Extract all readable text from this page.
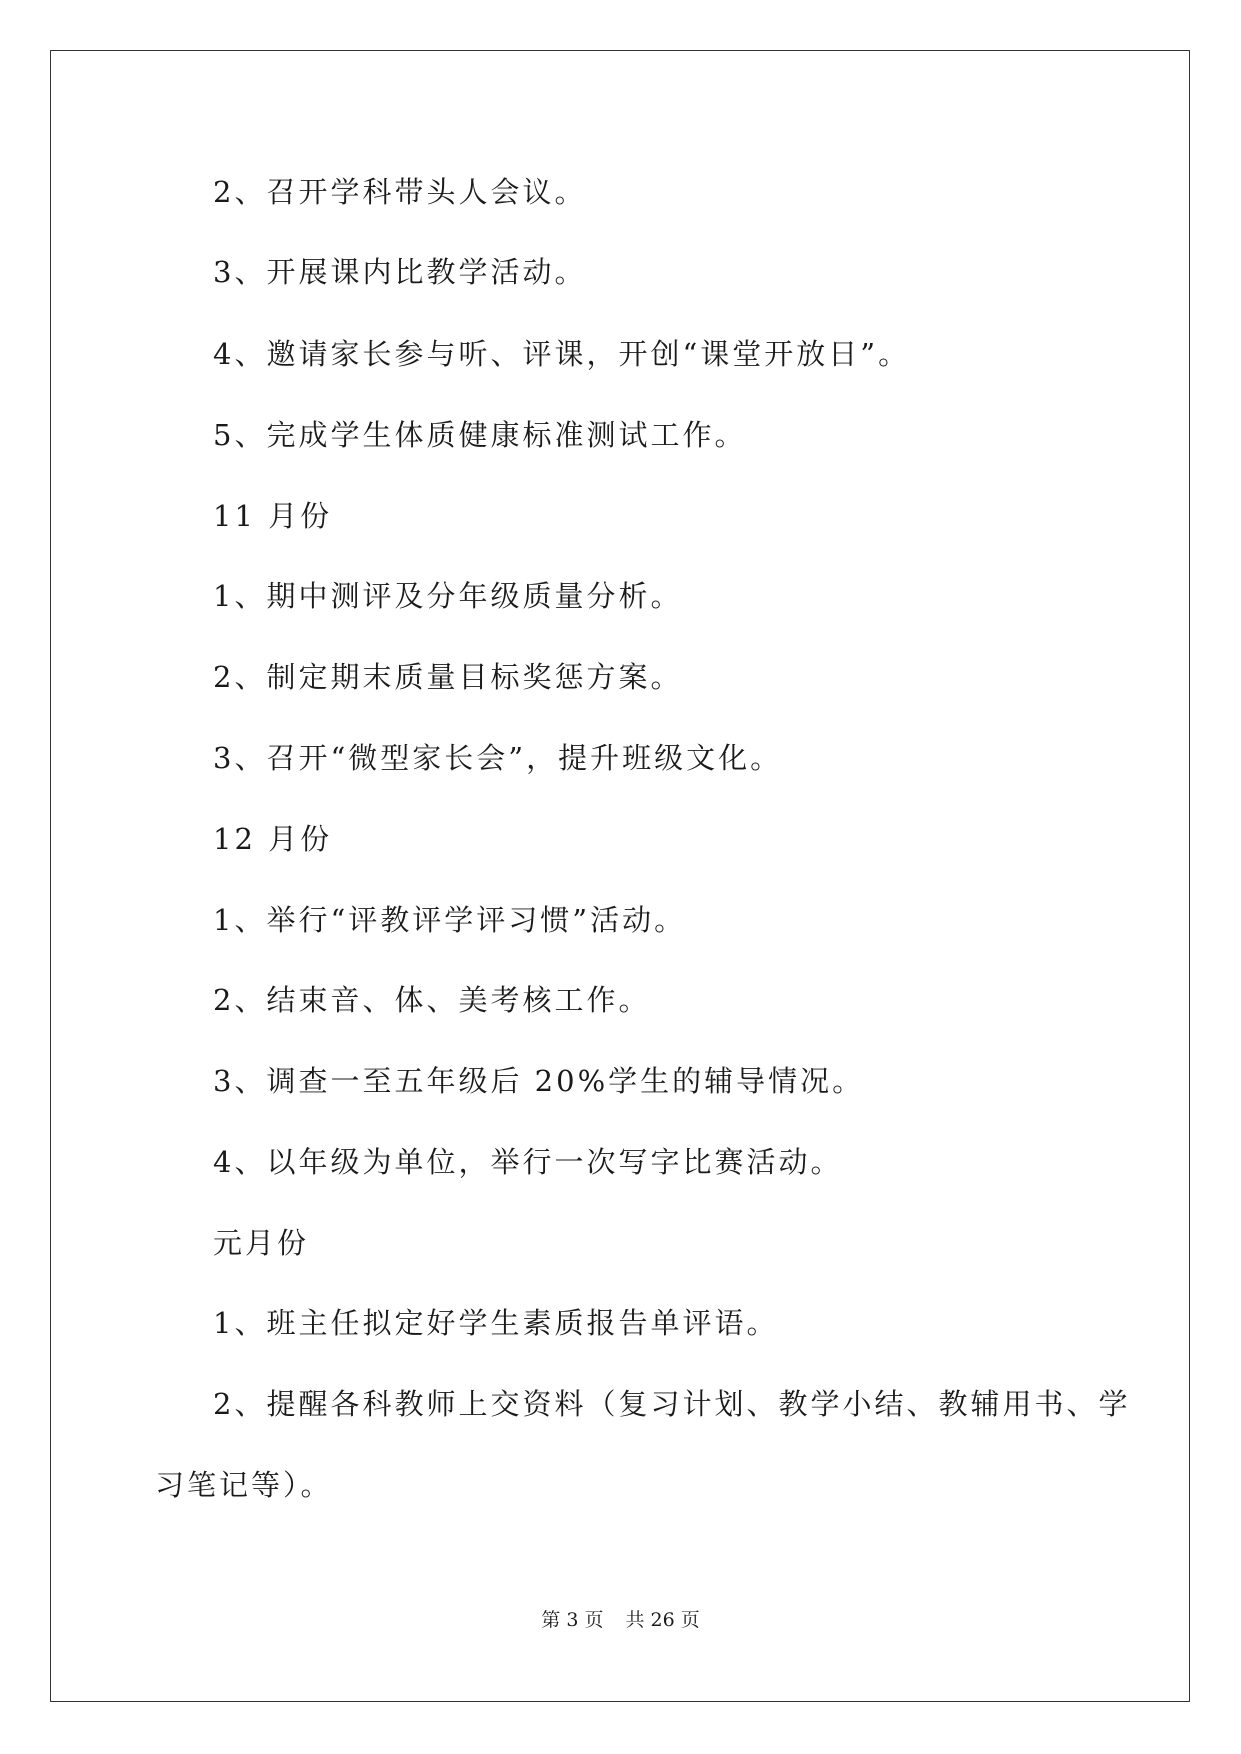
2、召开学科带头人会议。
3、开展课内比教学活动。
4、邀请家长参与听、评课，开创“课堂开放日”。
5、完成学生体质健康标准测试工作。
11 月份
1、期中测评及分年级质量分析。
2、制定期末质量目标奖惩方案。
3、召开“微型家长会”，提升班级文化。
12 月份
1、举行“评教评学评习惯”活动。
2、结束音、体、美考核工作。
3、调查一至五年级后 20%学生的辅导情况。
4、以年级为单位，举行一次写字比赛活动。
元月份
1、班主任拟定好学生素质报告单评语。
2、提醒各科教师上交资料（复习计划、教学小结、教辅用书、学
习笔记等）。
第 3 页 共 26 页
